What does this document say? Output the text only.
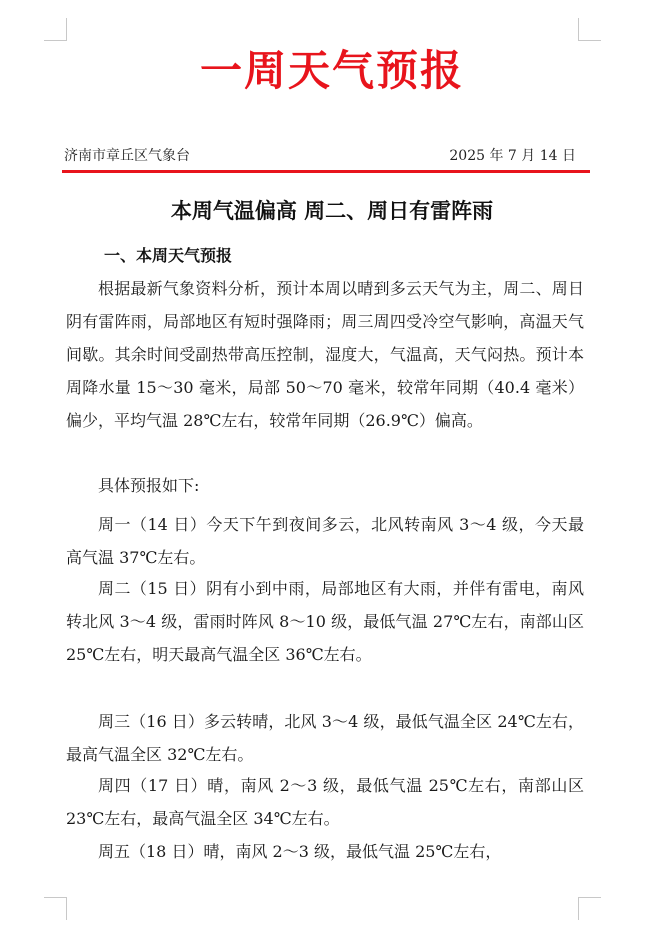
一周天气预报
济南市章丘区气象台	2025 年 7 月 14 日
本周气温偏高 周二、周日有雷阵雨
一、本周天气预报

根据最新气象资料分析，预计本周以晴到多云天气为主，周二、周日阴有雷阵雨，局部地区有短时强降雨；周三周四受冷空气影响，高温天气间歇。其余时间受副热带高压控制，湿度大，气温高，天气闷热。预计本周降水量 15～30 毫米，局部 50～70 毫米，较常年同期（40.4 毫米）偏少，平均气温 28℃左右，较常年同期（26.9℃）偏高。

具体预报如下:

周一（14 日）今天下午到夜间多云，北风转南风 3～4 级，今天最高气温 37℃左右。

周二（15 日）阴有小到中雨，局部地区有大雨，并伴有雷电，南风转北风 3～4 级，雷雨时阵风 8～10 级，最低气温 27℃左右，南部山区 25℃左右，明天最高气温全区 36℃左右。

周三（16 日）多云转晴，北风 3～4 级，最低气温全区 24℃左右，最高气温全区 32℃左右。

周四（17 日）晴，南风 2～3 级，最低气温 25℃左右，南部山区 23℃左右，最高气温全区 34℃左右。

周五（18 日）晴，南风 2～3 级，最低气温 25℃左右，
